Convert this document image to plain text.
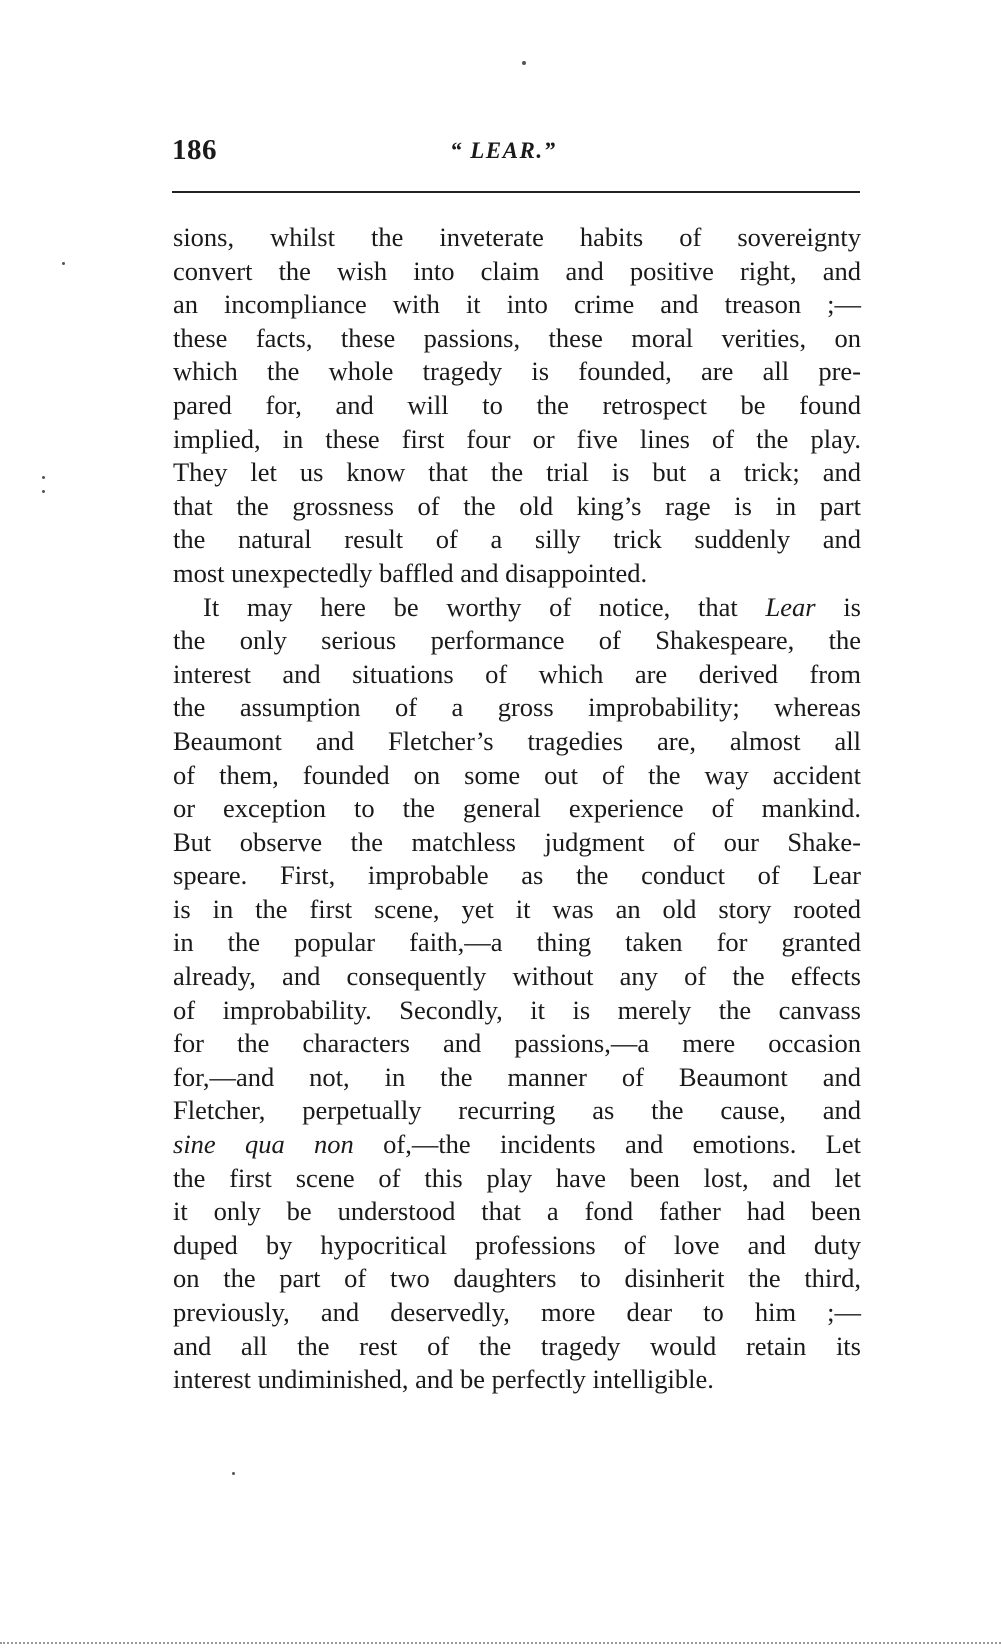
186	“ LEAR.”
sions, whilst the inveterate habits of sovereignty
convert the wish into claim and positive right, and
an incompliance with it into crime and treason ;—
these facts, these passions, these moral verities, on
which the whole tragedy is founded, are all pre-
pared for, and will to the retrospect be found
implied, in these first four or five lines of the play.
They let us know that the trial is but a trick; and
that the grossness of the old king’s rage is in part
the natural result of a silly trick suddenly and
most unexpectedly baffled and disappointed.
It may here be worthy of notice, that Lear is
the only serious performance of Shakespeare, the
interest and situations of which are derived from
the assumption of a gross improbability; whereas
Beaumont and Fletcher’s tragedies are, almost all
of them, founded on some out of the way accident
or exception to the general experience of mankind.
But observe the matchless judgment of our Shake-
speare. First, improbable as the conduct of Lear
is in the first scene, yet it was an old story rooted
in the popular faith,—a thing taken for granted
already, and consequently without any of the effects
of improbability. Secondly, it is merely the canvass
for the characters and passions,—a mere occasion
for,—and not, in the manner of Beaumont and
Fletcher, perpetually recurring as the cause, and
sine qua non of,—the incidents and emotions. Let
the first scene of this play have been lost, and let
it only be understood that a fond father had been
duped by hypocritical professions of love and duty
on the part of two daughters to disinherit the third,
previously, and deservedly, more dear to him ;—
and all the rest of the tragedy would retain its
interest undiminished, and be perfectly intelligible.
